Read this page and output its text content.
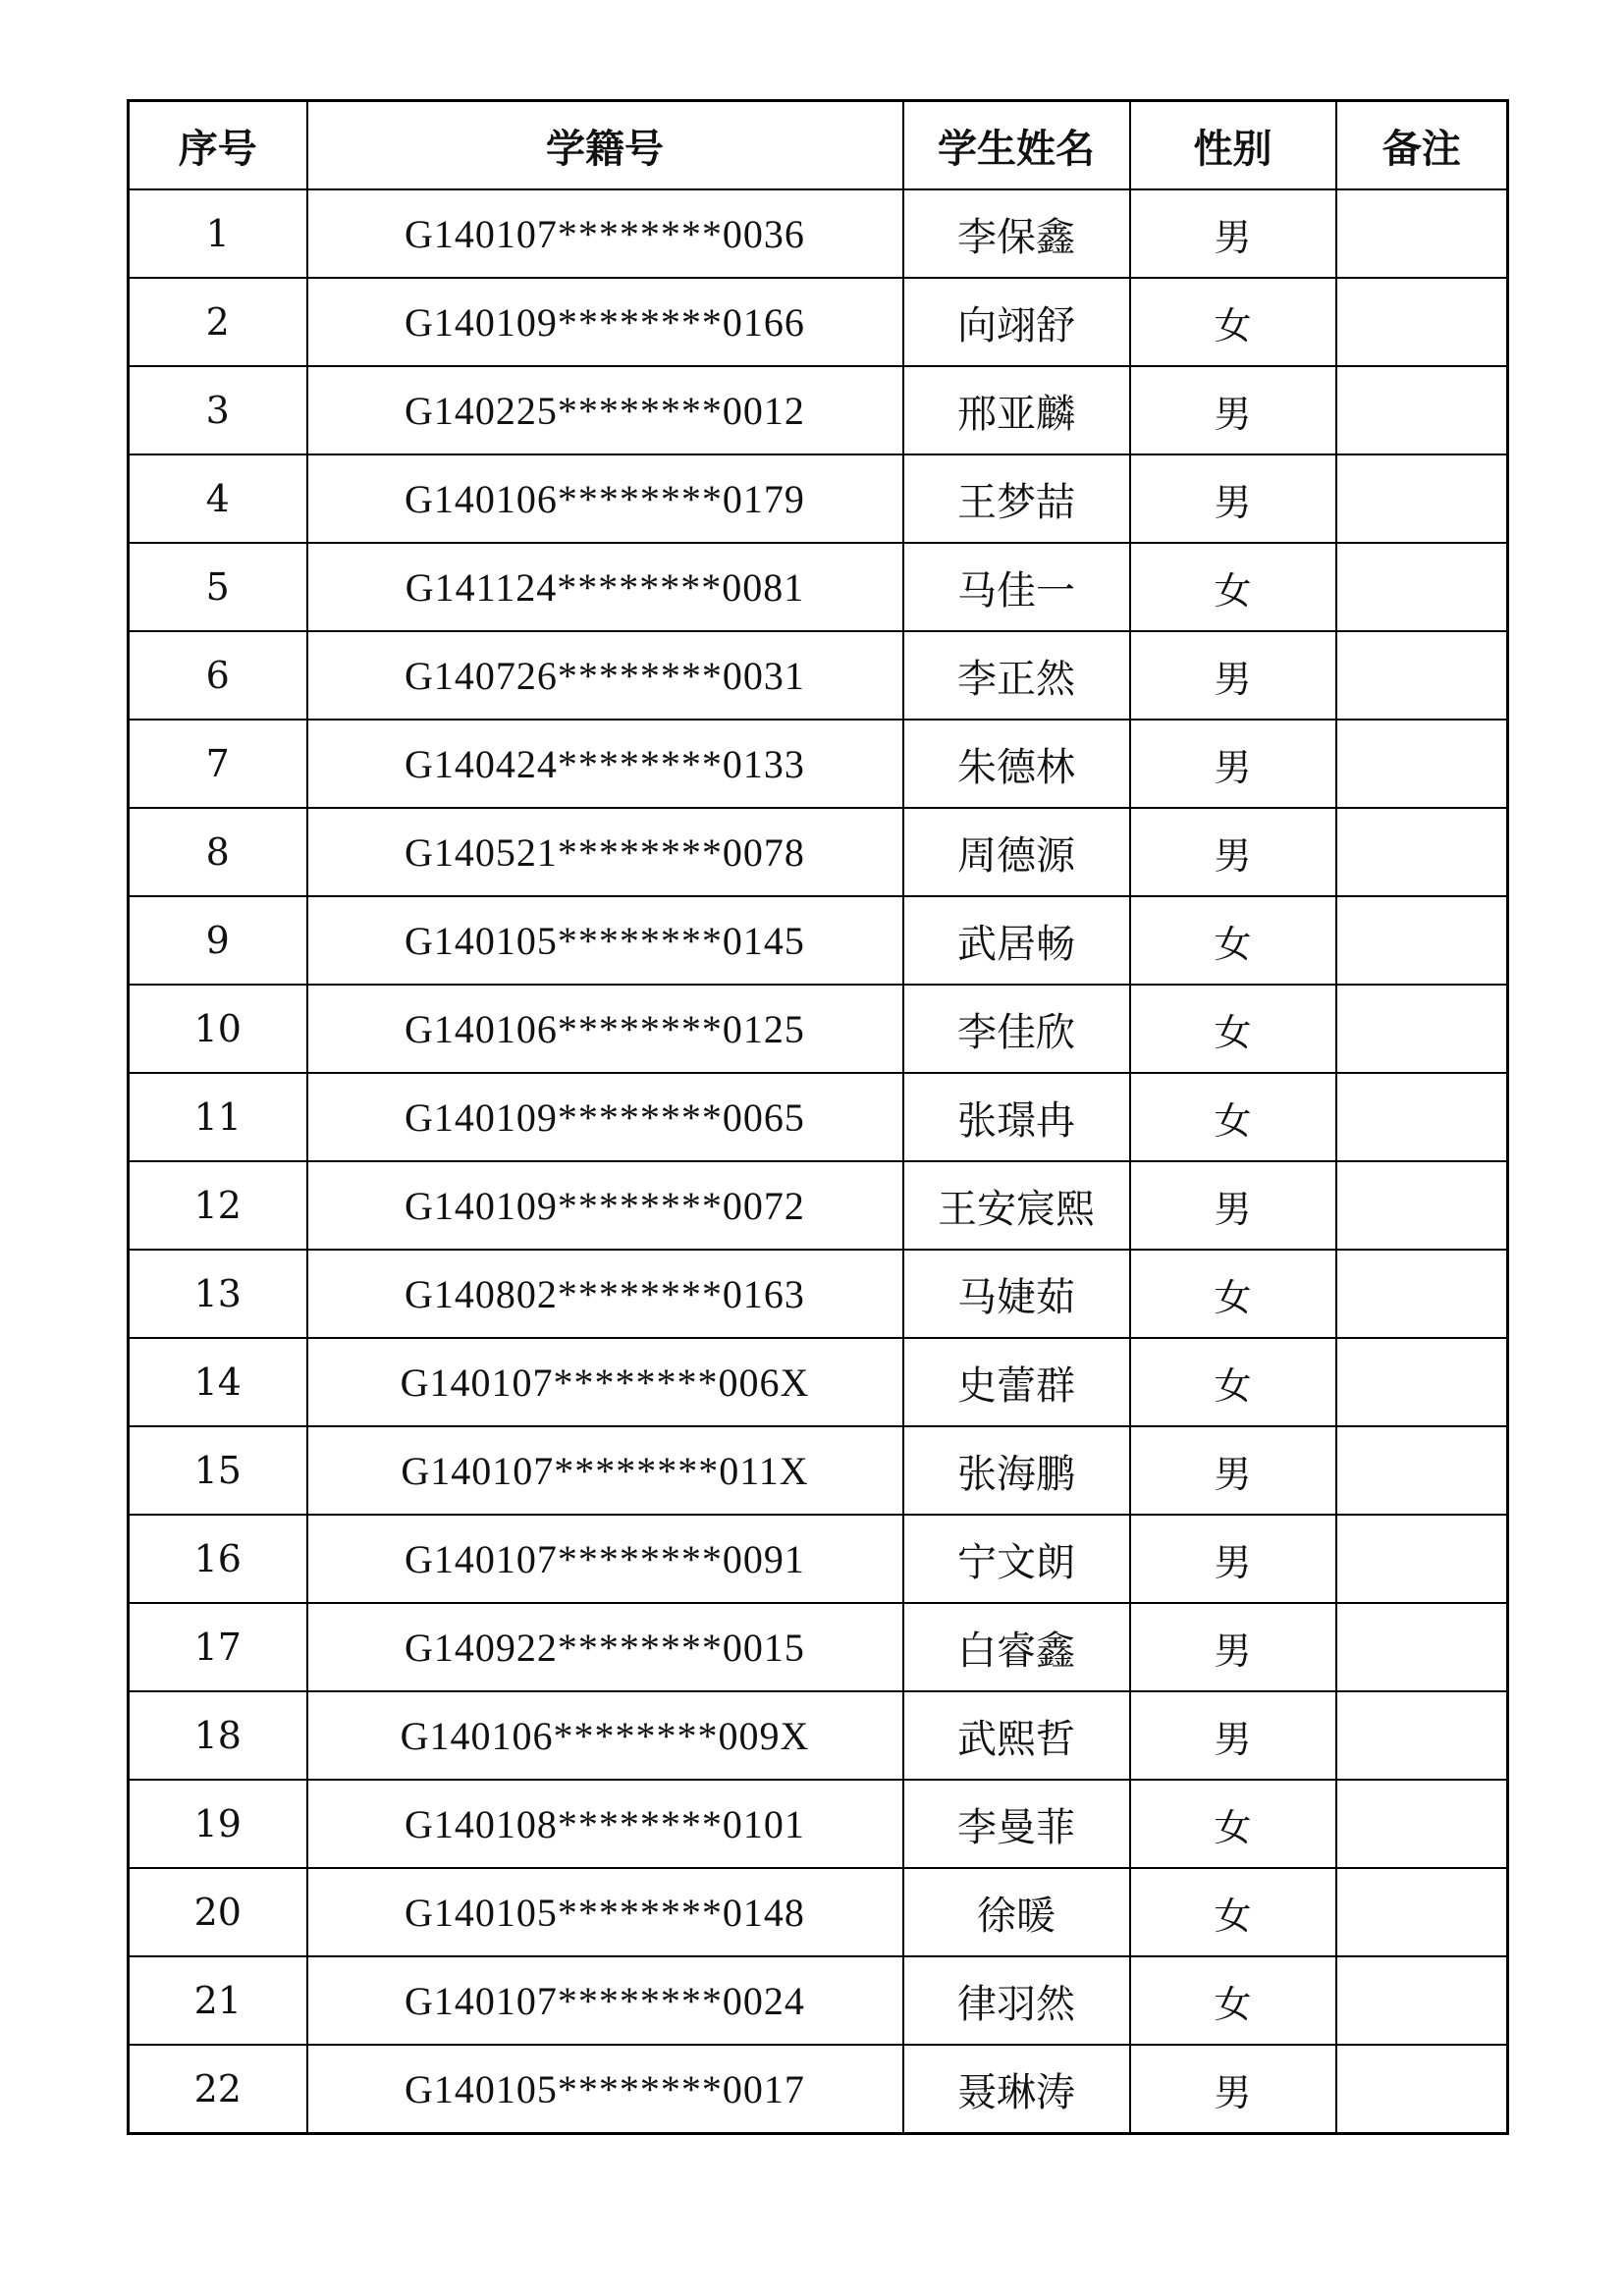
序号	学籍号	学生姓名	性别	备注
1	G140107********0036	李保鑫	男	
2	G140109********0166	向翊舒	女	
3	G140225********0012	邢亚麟	男	
4	G140106********0179	王梦喆	男	
5	G141124********0081	马佳一	女	
6	G140726********0031	李正然	男	
7	G140424********0133	朱德林	男	
8	G140521********0078	周德源	男	
9	G140105********0145	武居畅	女	
10	G140106********0125	李佳欣	女	
11	G140109********0065	张璟冉	女	
12	G140109********0072	王安宸熙	男	
13	G140802********0163	马婕茹	女	
14	G140107********006X	史蕾群	女	
15	G140107********011X	张海鹏	男	
16	G140107********0091	宁文朗	男	
17	G140922********0015	白睿鑫	男	
18	G140106********009X	武熙哲	男	
19	G140108********0101	李曼菲	女	
20	G140105********0148	徐暖	女	
21	G140107********0024	律羽然	女	
22	G140105********0017	聂琳涛	男	
